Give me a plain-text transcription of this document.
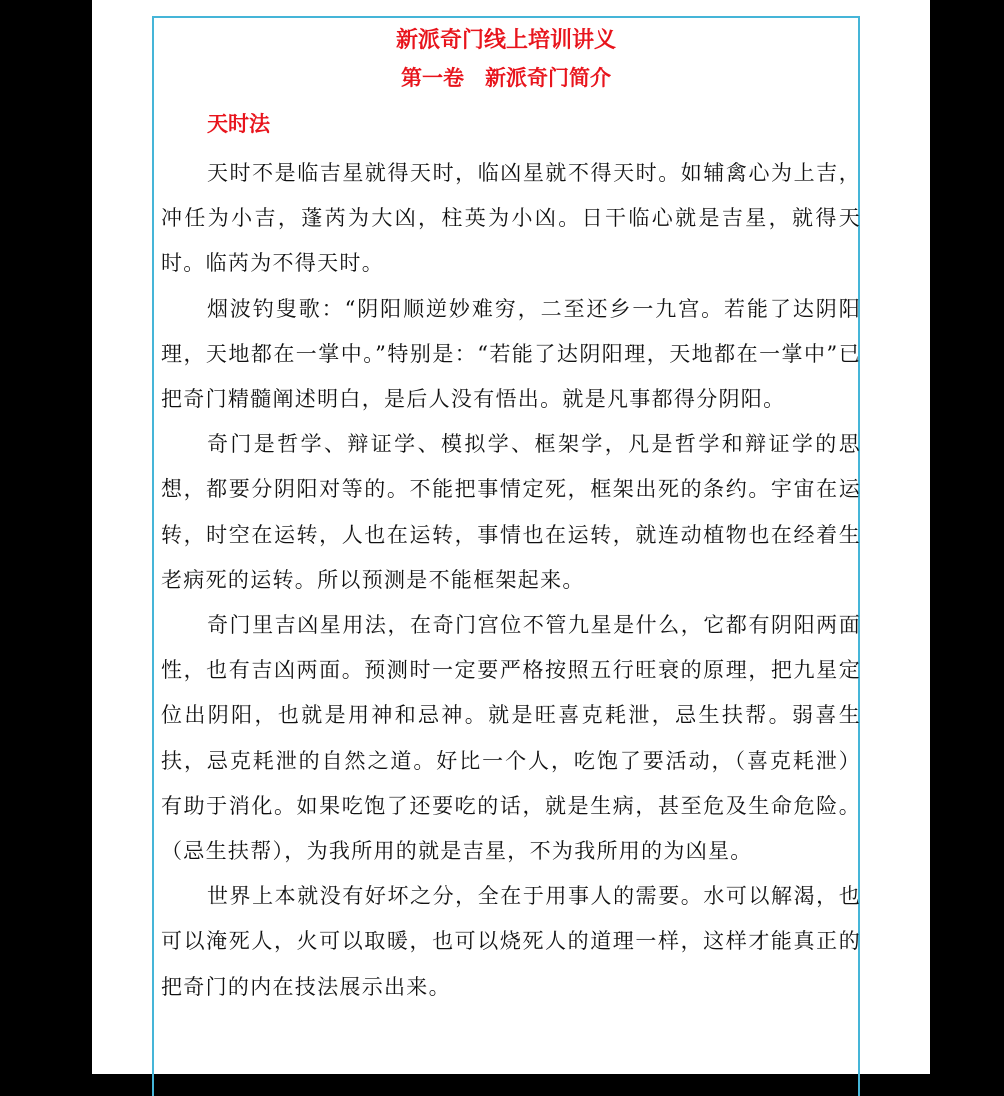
新派奇门线上培训讲义
第一卷　新派奇门简介
天时法

天时不是临吉星就得天时，临凶星就不得天时。如辅禽心为上吉，冲任为小吉，蓬芮为大凶，柱英为小凶。日干临心就是吉星，就得天时。临芮为不得天时。

烟波钓叟歌：“阴阳顺逆妙难穷，二至还乡一九宫。若能了达阴阳理，天地都在一掌中。”特别是：“若能了达阴阳理，天地都在一掌中”已把奇门精髓阐述明白，是后人没有悟出。就是凡事都得分阴阳。

奇门是哲学、辩证学、模拟学、框架学，凡是哲学和辩证学的思想，都要分阴阳对等的。不能把事情定死，框架出死的条约。宇宙在运转，时空在运转，人也在运转，事情也在运转，就连动植物也在经着生老病死的运转。所以预测是不能框架起来。

奇门里吉凶星用法，在奇门宫位不管九星是什么，它都有阴阳两面性，也有吉凶两面。预测时一定要严格按照五行旺衰的原理，把九星定位出阴阳，也就是用神和忌神。就是旺喜克耗泄，忌生扶帮。弱喜生扶，忌克耗泄的自然之道。好比一个人，吃饱了要活动，（喜克耗泄）有助于消化。如果吃饱了还要吃的话，就是生病，甚至危及生命危险。（忌生扶帮），为我所用的就是吉星，不为我所用的为凶星。

世界上本就没有好坏之分，全在于用事人的需要。水可以解渴，也可以淹死人，火可以取暖，也可以烧死人的道理一样，这样才能真正的把奇门的内在技法展示出来。
